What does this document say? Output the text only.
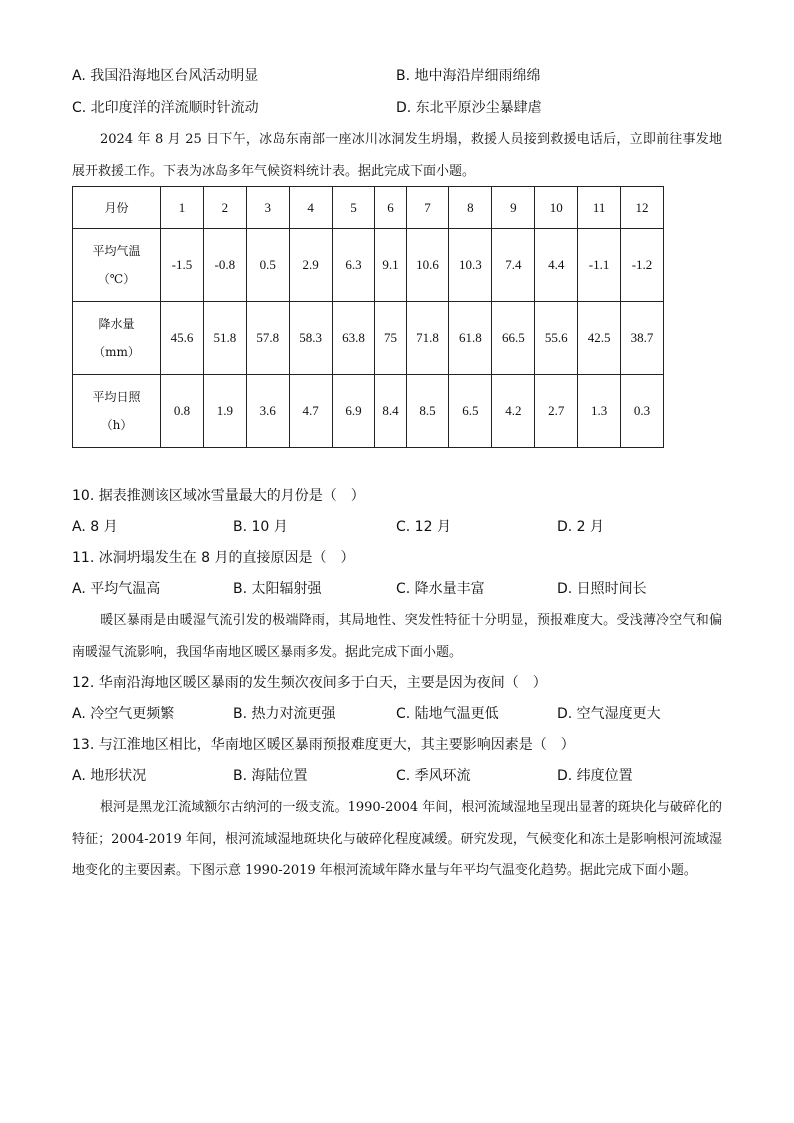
A. 我国沿海地区台风活动明显	B. 地中海沿岸细雨绵绵
C. 北印度洋的洋流顺时针流动	D. 东北平原沙尘暴肆虐
2024 年 8 月 25 日下午，冰岛东南部一座冰川冰洞发生坍塌，救援人员接到救援电话后，立即前往事发地展开救援工作。下表为冰岛多年气候资料统计表。据此完成下面小题。
月份	1	2	3	4	5	6	7	8	9	10	11	12

平均气温
（℃）	-1.5	-0.8	0.5	2.9	6.3	9.1	10.6	10.3	7.4	4.4	-1.1	-1.2

降水量
（mm）	45.6	51.8	57.8	58.3	63.8	75	71.8	61.8	66.5	55.6	42.5	38.7

平均日照
（h）	0.8	1.9	3.6	4.7	6.9	8.4	8.5	6.5	4.2	2.7	1.3	0.3
10. 据表推测该区域冰雪量最大的月份是（　）
A. 8 月	B. 10 月	C. 12 月	D. 2 月
11. 冰洞坍塌发生在 8 月的直接原因是（　）
A. 平均气温高	B. 太阳辐射强	C. 降水量丰富	D. 日照时间长
暖区暴雨是由暖湿气流引发的极端降雨，其局地性、突发性特征十分明显，预报难度大。受浅薄冷空气和偏南暖湿气流影响，我国华南地区暖区暴雨多发。据此完成下面小题。
12. 华南沿海地区暖区暴雨的发生频次夜间多于白天，主要是因为夜间（　）
A. 冷空气更频繁	B. 热力对流更强	C. 陆地气温更低	D. 空气湿度更大
13. 与江淮地区相比，华南地区暖区暴雨预报难度更大，其主要影响因素是（　）
A. 地形状况	B. 海陆位置	C. 季风环流	D. 纬度位置
根河是黑龙江流域额尔古纳河的一级支流。1990-2004 年间，根河流域湿地呈现出显著的斑块化与破碎化的特征；2004-2019 年间，根河流域湿地斑块化与破碎化程度减缓。研究发现，气候变化和冻土是影响根河流域湿地变化的主要因素。下图示意 1990-2019 年根河流域年降水量与年平均气温变化趋势。据此完成下面小题。
